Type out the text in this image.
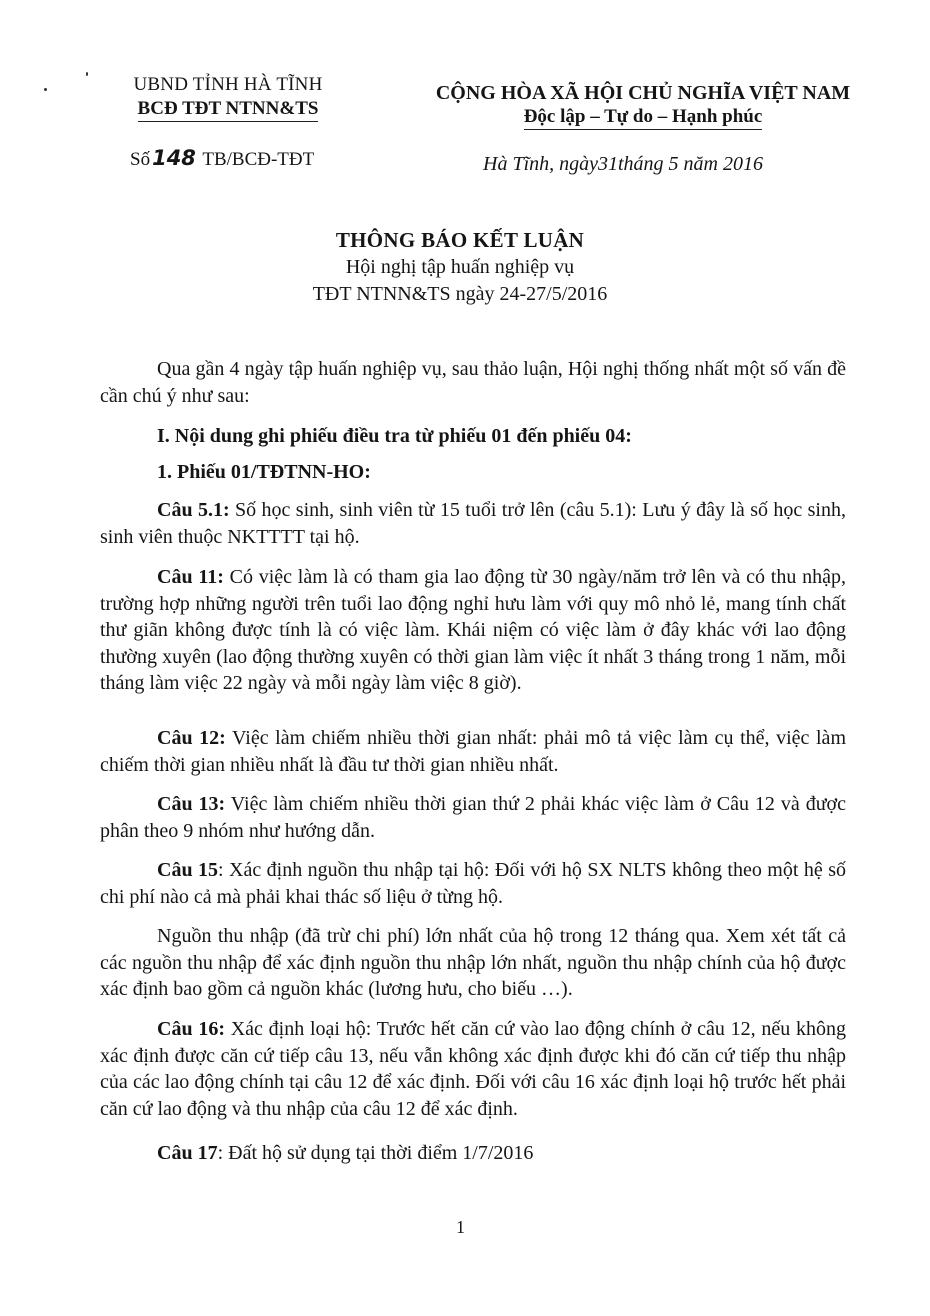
UBND TỈNH HÀ TĨNH
BCĐ TĐT NTNN&TS
CỘNG HÒA XÃ HỘI CHỦ NGHĨA VIỆT NAM
Độc lập – Tự do – Hạnh phúc
Số148 TB/BCĐ-TĐT	Hà Tĩnh, ngày31tháng 5 năm 2016
THÔNG BÁO KẾT LUẬN
Hội nghị tập huấn nghiệp vụ
TĐT NTNN&TS ngày 24-27/5/2016
Qua gần 4 ngày tập huấn nghiệp vụ, sau thảo luận, Hội nghị thống nhất một số vấn đề cần chú ý như sau:
I. Nội dung ghi phiếu điều tra từ phiếu 01 đến phiếu 04:
1. Phiếu 01/TĐTNN-HO:
Câu 5.1: Số học sinh, sinh viên từ 15 tuổi trở lên (câu 5.1): Lưu ý đây là số học sinh, sinh viên thuộc NKTTTT tại hộ.
Câu 11: Có việc làm là có tham gia lao động từ 30 ngày/năm trở lên và có thu nhập, trường hợp những người trên tuổi lao động nghỉ hưu làm với quy mô nhỏ lẻ, mang tính chất thư giãn không được tính là có việc làm. Khái niệm có việc làm ở đây khác với lao động thường xuyên (lao động thường xuyên có thời gian làm việc ít nhất 3 tháng trong 1 năm, mỗi tháng làm việc 22 ngày và mỗi ngày làm việc 8 giờ).
Câu 12: Việc làm chiếm nhiều thời gian nhất: phải mô tả việc làm cụ thể, việc làm chiếm thời gian nhiều nhất là đầu tư thời gian nhiều nhất.
Câu 13: Việc làm chiếm nhiều thời gian thứ 2 phải khác việc làm ở Câu 12 và được phân theo 9 nhóm như hướng dẫn.
Câu 15: Xác định nguồn thu nhập tại hộ: Đối với hộ SX NLTS không theo một hệ số chi phí nào cả mà phải khai thác số liệu ở từng hộ.
Nguồn thu nhập (đã trừ chi phí) lớn nhất của hộ trong 12 tháng qua. Xem xét tất cả các nguồn thu nhập để xác định nguồn thu nhập lớn nhất, nguồn thu nhập chính của hộ được xác định bao gồm cả nguồn khác (lương hưu, cho biếu …).
Câu 16: Xác định loại hộ: Trước hết căn cứ vào lao động chính ở câu 12, nếu không xác định được căn cứ tiếp câu 13, nếu vẫn không xác định được khi đó căn cứ tiếp thu nhập của các lao động chính tại câu 12 để xác định. Đối với câu 16 xác định loại hộ trước hết phải căn cứ lao động và thu nhập của câu 12 để xác định.
Câu 17: Đất hộ sử dụng tại thời điểm 1/7/2016
1
